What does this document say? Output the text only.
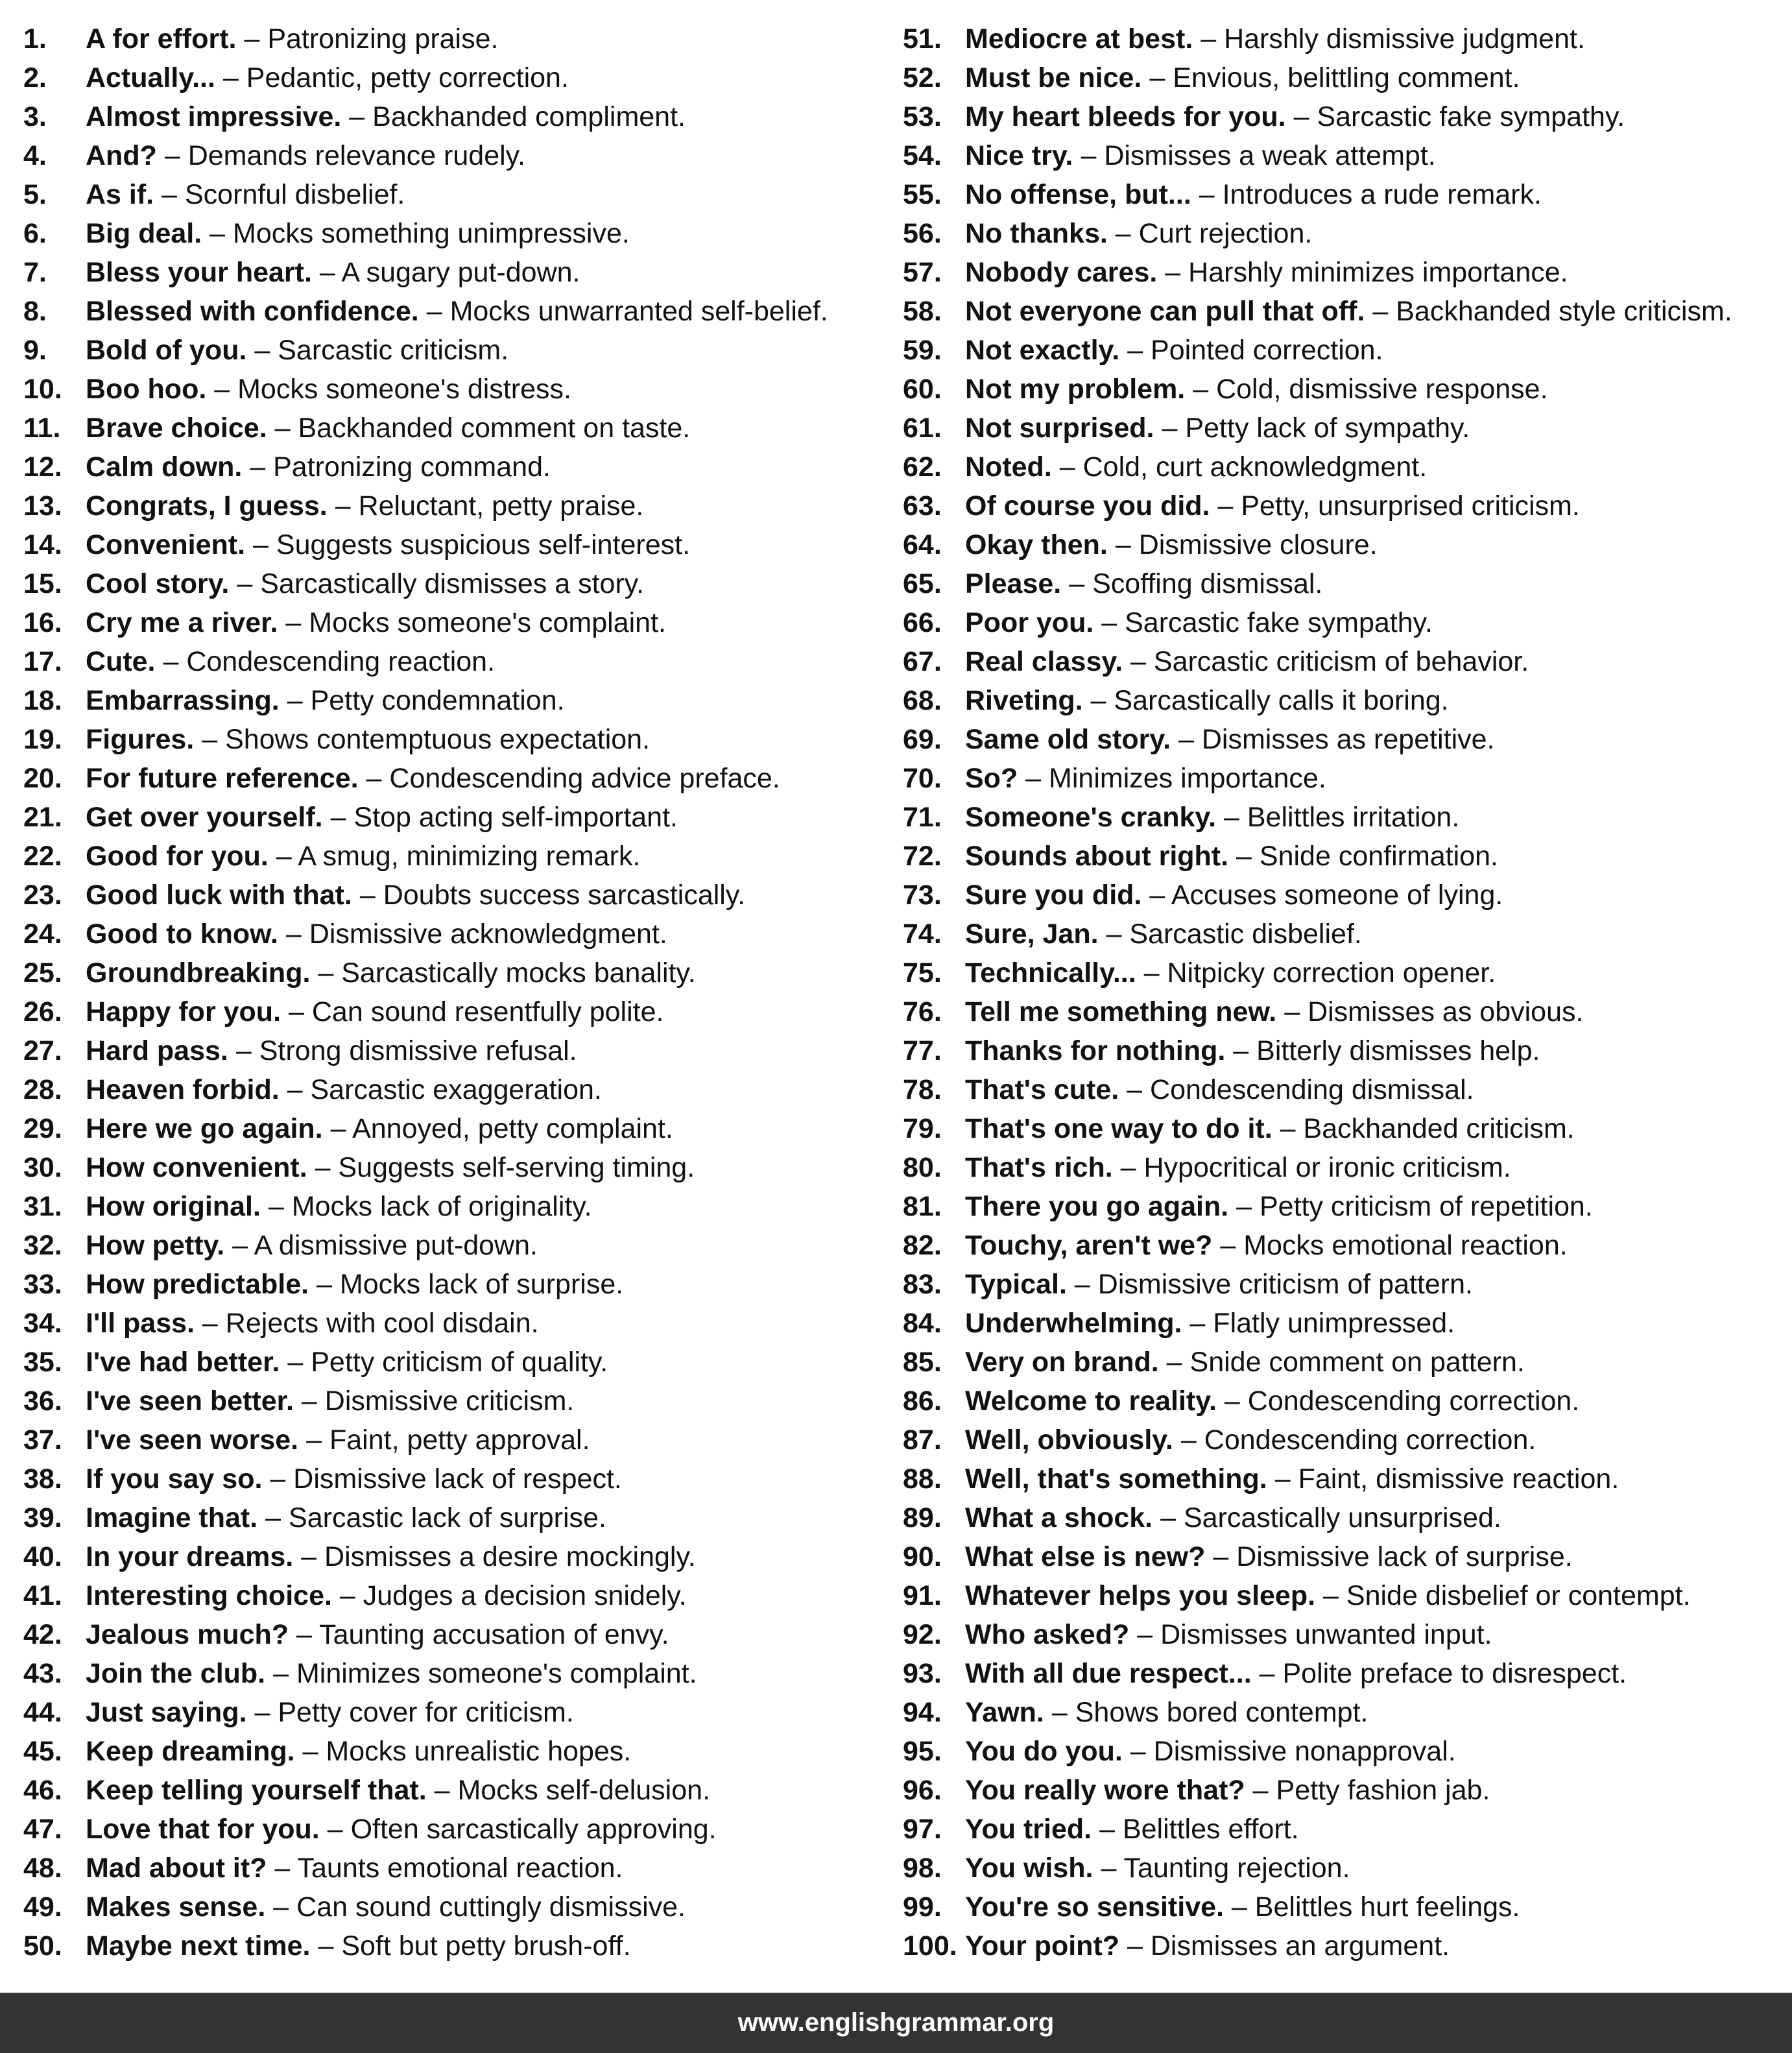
1.	A for effort. – Patronizing praise.
2.	Actually... – Pedantic, petty correction.
3.	Almost impressive. – Backhanded compliment.
4.	And? – Demands relevance rudely.
5.	As if. – Scornful disbelief.
6.	Big deal. – Mocks something unimpressive.
7.	Bless your heart. – A sugary put-down.
8.	Blessed with confidence. – Mocks unwarranted self-belief.
9.	Bold of you. – Sarcastic criticism.
10. Boo hoo. – Mocks someone's distress.
11. Brave choice. – Backhanded comment on taste.
12. Calm down. – Patronizing command.
13. Congrats, I guess. – Reluctant, petty praise.
14. Convenient. – Suggests suspicious self-interest.
15. Cool story. – Sarcastically dismisses a story.
16. Cry me a river. – Mocks someone's complaint.
17. Cute. – Condescending reaction.
18. Embarrassing. – Petty condemnation.
19. Figures. – Shows contemptuous expectation.
20. For future reference. – Condescending advice preface.
21. Get over yourself. – Stop acting self-important.
22. Good for you. – A smug, minimizing remark.
23. Good luck with that. – Doubts success sarcastically.
24. Good to know. – Dismissive acknowledgment.
25. Groundbreaking. – Sarcastically mocks banality.
26. Happy for you. – Can sound resentfully polite.
27. Hard pass. – Strong dismissive refusal.
28. Heaven forbid. – Sarcastic exaggeration.
29. Here we go again. – Annoyed, petty complaint.
30. How convenient. – Suggests self-serving timing.
31. How original. – Mocks lack of originality.
32. How petty. – A dismissive put-down.
33. How predictable. – Mocks lack of surprise.
34. I'll pass. – Rejects with cool disdain.
35. I've had better. – Petty criticism of quality.
36. I've seen better. – Dismissive criticism.
37. I've seen worse. – Faint, petty approval.
38. If you say so. – Dismissive lack of respect.
39. Imagine that. – Sarcastic lack of surprise.
40. In your dreams. – Dismisses a desire mockingly.
41. Interesting choice. – Judges a decision snidely.
42. Jealous much? – Taunting accusation of envy.
43. Join the club. – Minimizes someone's complaint.
44. Just saying. – Petty cover for criticism.
45. Keep dreaming. – Mocks unrealistic hopes.
46. Keep telling yourself that. – Mocks self-delusion.
47. Love that for you. – Often sarcastically approving.
48. Mad about it? – Taunts emotional reaction.
49. Makes sense. – Can sound cuttingly dismissive.
50. Maybe next time. – Soft but petty brush-off.
51. Mediocre at best. – Harshly dismissive judgment.
52. Must be nice. – Envious, belittling comment.
53. My heart bleeds for you. – Sarcastic fake sympathy.
54. Nice try. – Dismisses a weak attempt.
55. No offense, but... – Introduces a rude remark.
56. No thanks. – Curt rejection.
57. Nobody cares. – Harshly minimizes importance.
58. Not everyone can pull that off. – Backhanded style criticism.
59. Not exactly. – Pointed correction.
60. Not my problem. – Cold, dismissive response.
61. Not surprised. – Petty lack of sympathy.
62. Noted. – Cold, curt acknowledgment.
63. Of course you did. – Petty, unsurprised criticism.
64. Okay then. – Dismissive closure.
65. Please. – Scoffing dismissal.
66. Poor you. – Sarcastic fake sympathy.
67. Real classy. – Sarcastic criticism of behavior.
68. Riveting. – Sarcastically calls it boring.
69. Same old story. – Dismisses as repetitive.
70. So? – Minimizes importance.
71. Someone's cranky. – Belittles irritation.
72. Sounds about right. – Snide confirmation.
73. Sure you did. – Accuses someone of lying.
74. Sure, Jan. – Sarcastic disbelief.
75. Technically... – Nitpicky correction opener.
76. Tell me something new. – Dismisses as obvious.
77. Thanks for nothing. – Bitterly dismisses help.
78. That's cute. – Condescending dismissal.
79. That's one way to do it. – Backhanded criticism.
80. That's rich. – Hypocritical or ironic criticism.
81. There you go again. – Petty criticism of repetition.
82. Touchy, aren't we? – Mocks emotional reaction.
83. Typical. – Dismissive criticism of pattern.
84. Underwhelming. – Flatly unimpressed.
85. Very on brand. – Snide comment on pattern.
86. Welcome to reality. – Condescending correction.
87. Well, obviously. – Condescending correction.
88. Well, that's something. – Faint, dismissive reaction.
89. What a shock. – Sarcastically unsurprised.
90. What else is new? – Dismissive lack of surprise.
91. Whatever helps you sleep. – Snide disbelief or contempt.
92. Who asked? – Dismisses unwanted input.
93. With all due respect... – Polite preface to disrespect.
94. Yawn. – Shows bored contempt.
95. You do you. – Dismissive nonapproval.
96. You really wore that? – Petty fashion jab.
97. You tried. – Belittles effort.
98. You wish. – Taunting rejection.
99. You're so sensitive. – Belittles hurt feelings.
100. Your point? – Dismisses an argument.
www.englishgrammar.org
